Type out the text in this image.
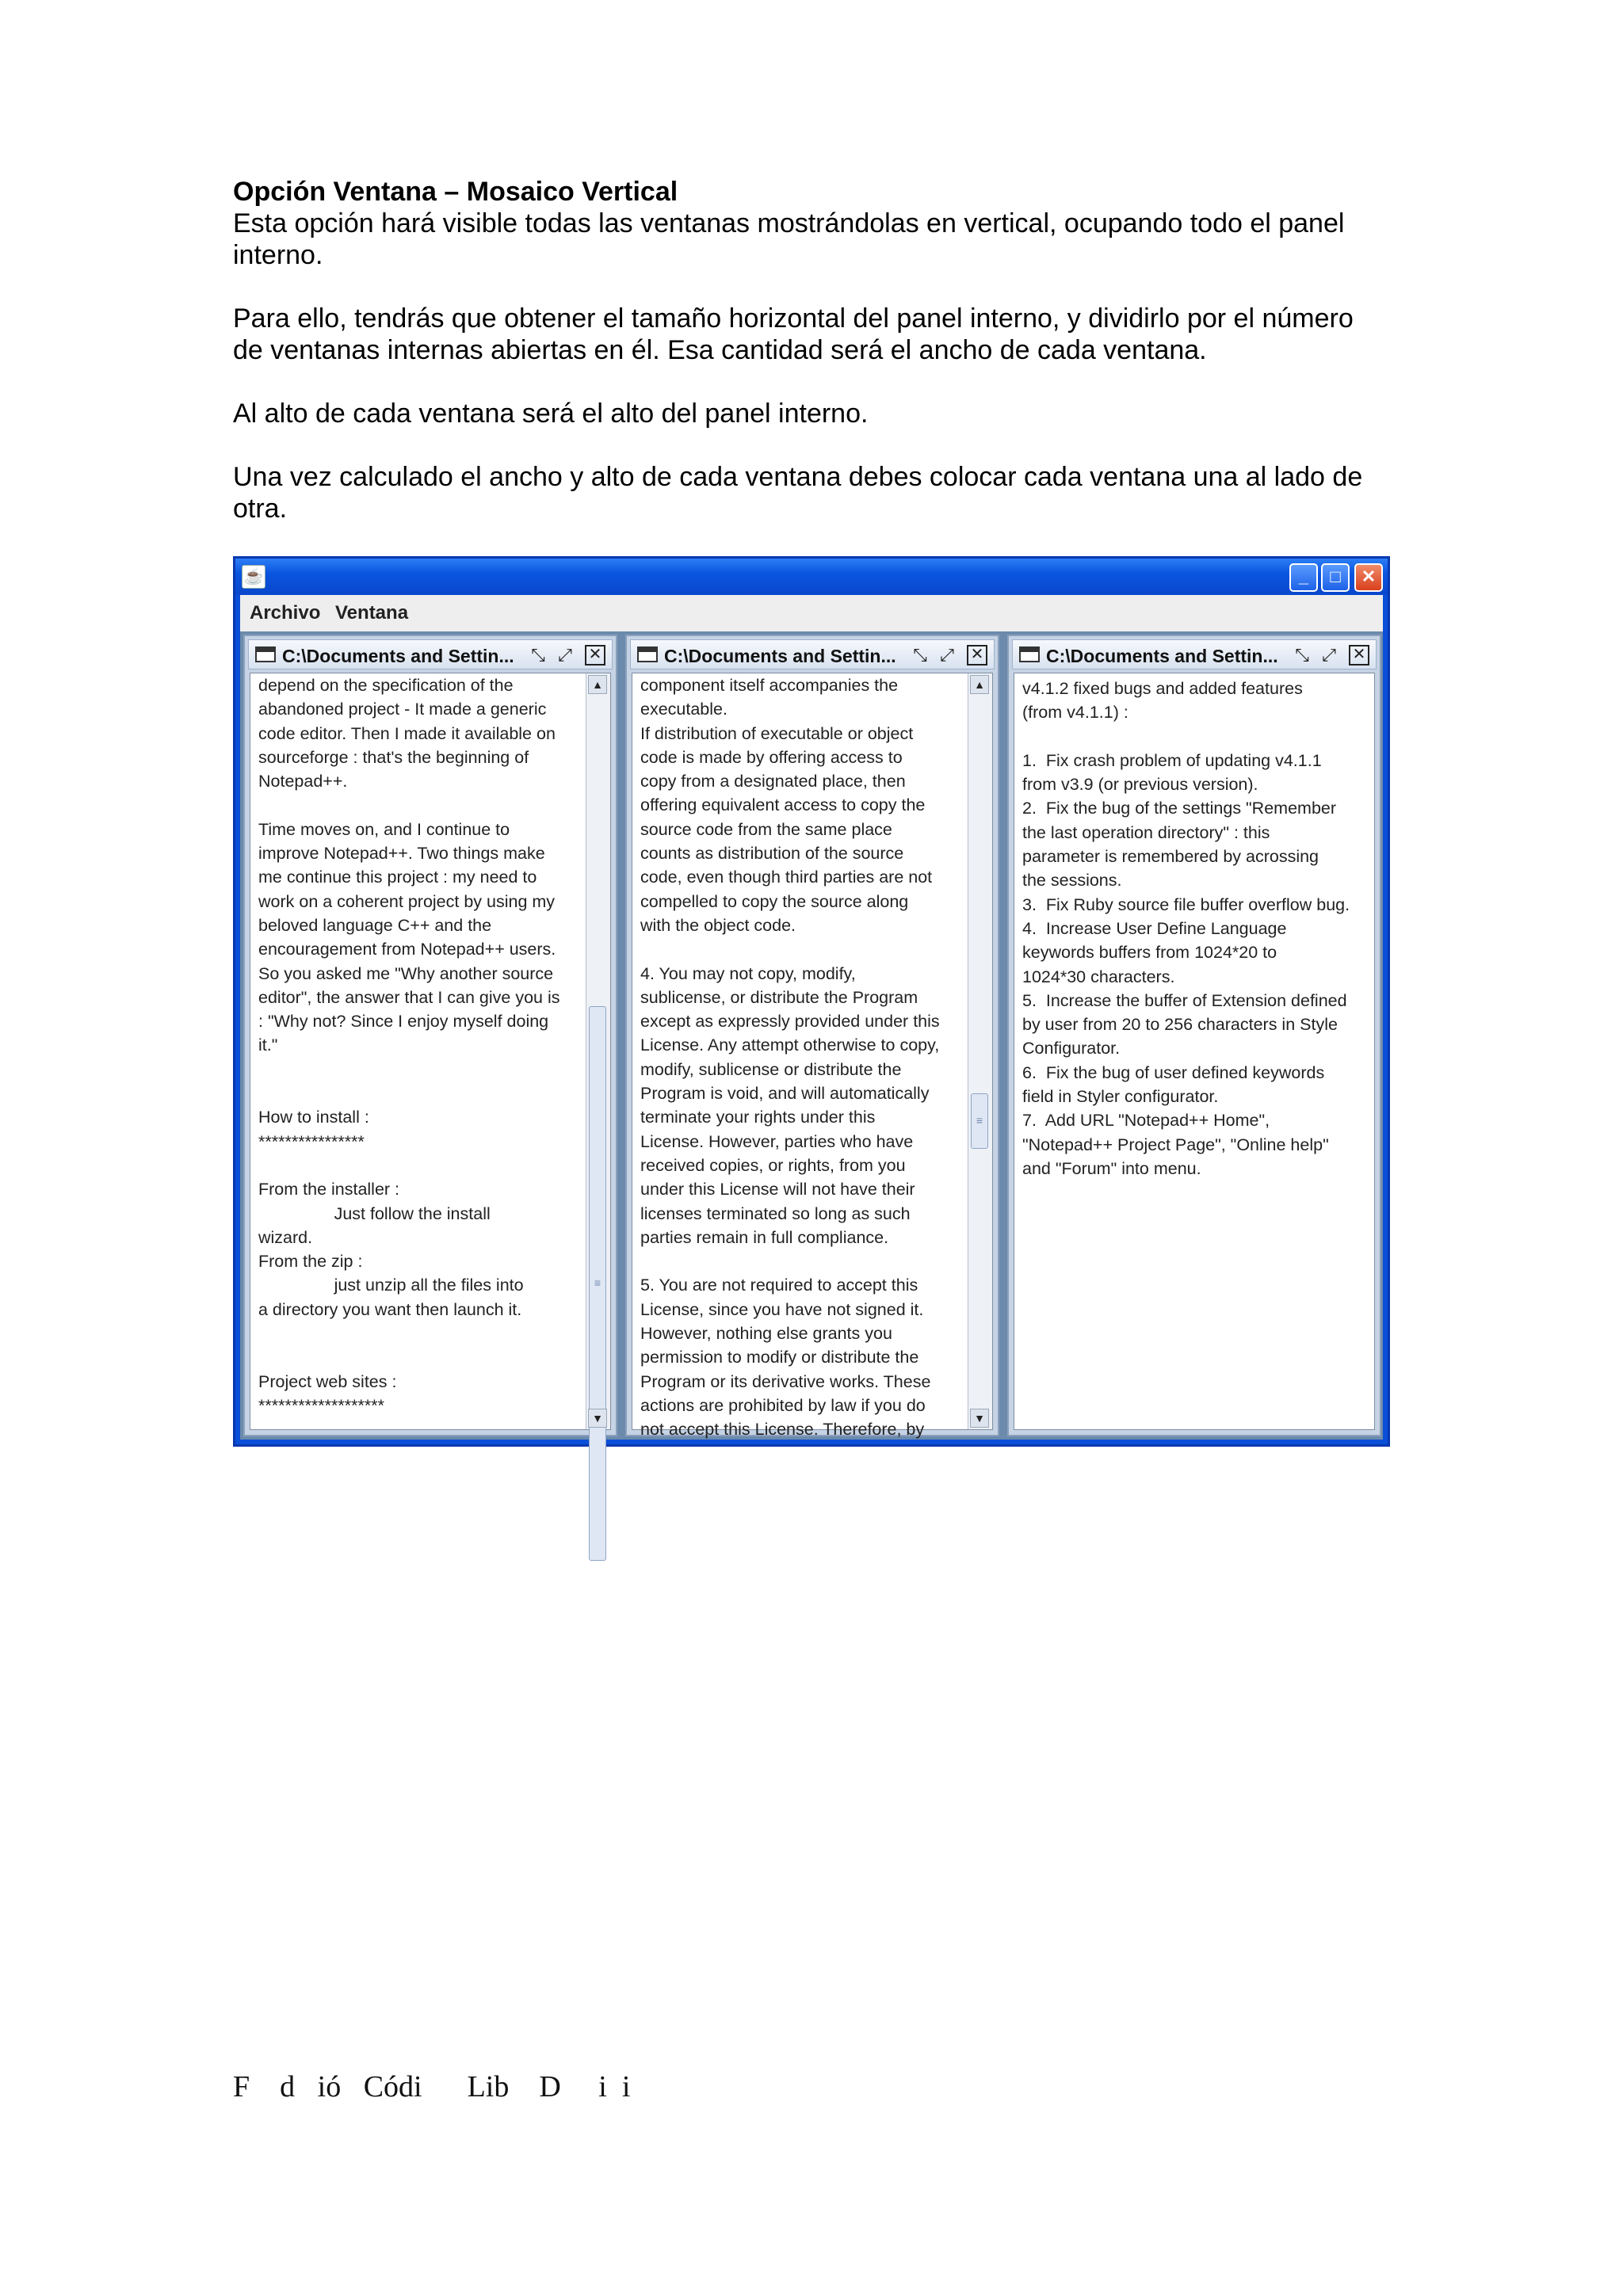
Opción Ventana – Mosaico Vertical

Esta opción hará visible todas las ventanas mostrándolas en vertical, ocupando todo el panel interno.

Para ello, tendrás que obtener el tamaño horizontal del panel interno, y dividirlo por el número de ventanas internas abiertas en él. Esa cantidad será el ancho de cada ventana.

Al alto de cada ventana será el alto del panel interno.

Una vez calculado el ancho y alto de cada ventana debes colocar cada ventana una al lado de otra.

☕	_	□	✕
Archivo Ventana
C:\Documents and Settin... ⤡ ⤢ ✕
depend on the specification of the
abandoned project - It made a generic
code editor. Then I made it available on
sourceforge : that's the beginning of
Notepad++.

Time moves on, and I continue to
improve Notepad++. Two things make
me continue this project : my need to
work on a coherent project by using my
beloved language C++ and the
encouragement from Notepad++ users.
So you asked me "Why another source
editor", the answer that I can give you is
: "Why not? Since I enjoy myself doing
it."

How to install :
****************

From the installer :
Just follow the install
wizard.
From the zip :
just unzip all the files into
a directory you want then launch it.

Project web sites :
*******************
▲
≡
▼
C:\Documents and Settin... ⤡ ⤢ ✕
component itself accompanies the
executable.
If distribution of executable or object
code is made by offering access to
copy from a designated place, then
offering equivalent access to copy the
source code from the same place
counts as distribution of the source
code, even though third parties are not
compelled to copy the source along
with the object code.

4. You may not copy, modify,
sublicense, or distribute the Program
except as expressly provided under this
License. Any attempt otherwise to copy,
modify, sublicense or distribute the
Program is void, and will automatically
terminate your rights under this
License. However, parties who have
received copies, or rights, from you
under this License will not have their
licenses terminated so long as such
parties remain in full compliance.

5. You are not required to accept this
License, since you have not signed it.
However, nothing else grants you
permission to modify or distribute the
Program or its derivative works. These
actions are prohibited by law if you do
not accept this License. Therefore, by
▲
≡
▼
C:\Documents and Settin... ⤡ ⤢ ✕
v4.1.2 fixed bugs and added features
(from v4.1.1) :

1.  Fix crash problem of updating v4.1.1
from v3.9 (or previous version).
2.  Fix the bug of the settings "Remember
the last operation directory" : this
parameter is remembered by acrossing
the sessions.
3.  Fix Ruby source file buffer overflow bug.
4.  Increase User Define Language
keywords buffers from 1024*20 to
1024*30 characters.
5.  Increase the buffer of Extension defined
by user from 20 to 256 characters in Style
Configurator.
6.  Fix the bug of user defined keywords
field in Styler configurator.
7.  Add URL "Notepad++ Home",
"Notepad++ Project Page", "Online help"
and "Forum" into menu.
F    d   ió   Códi      Lib    D     i  i
